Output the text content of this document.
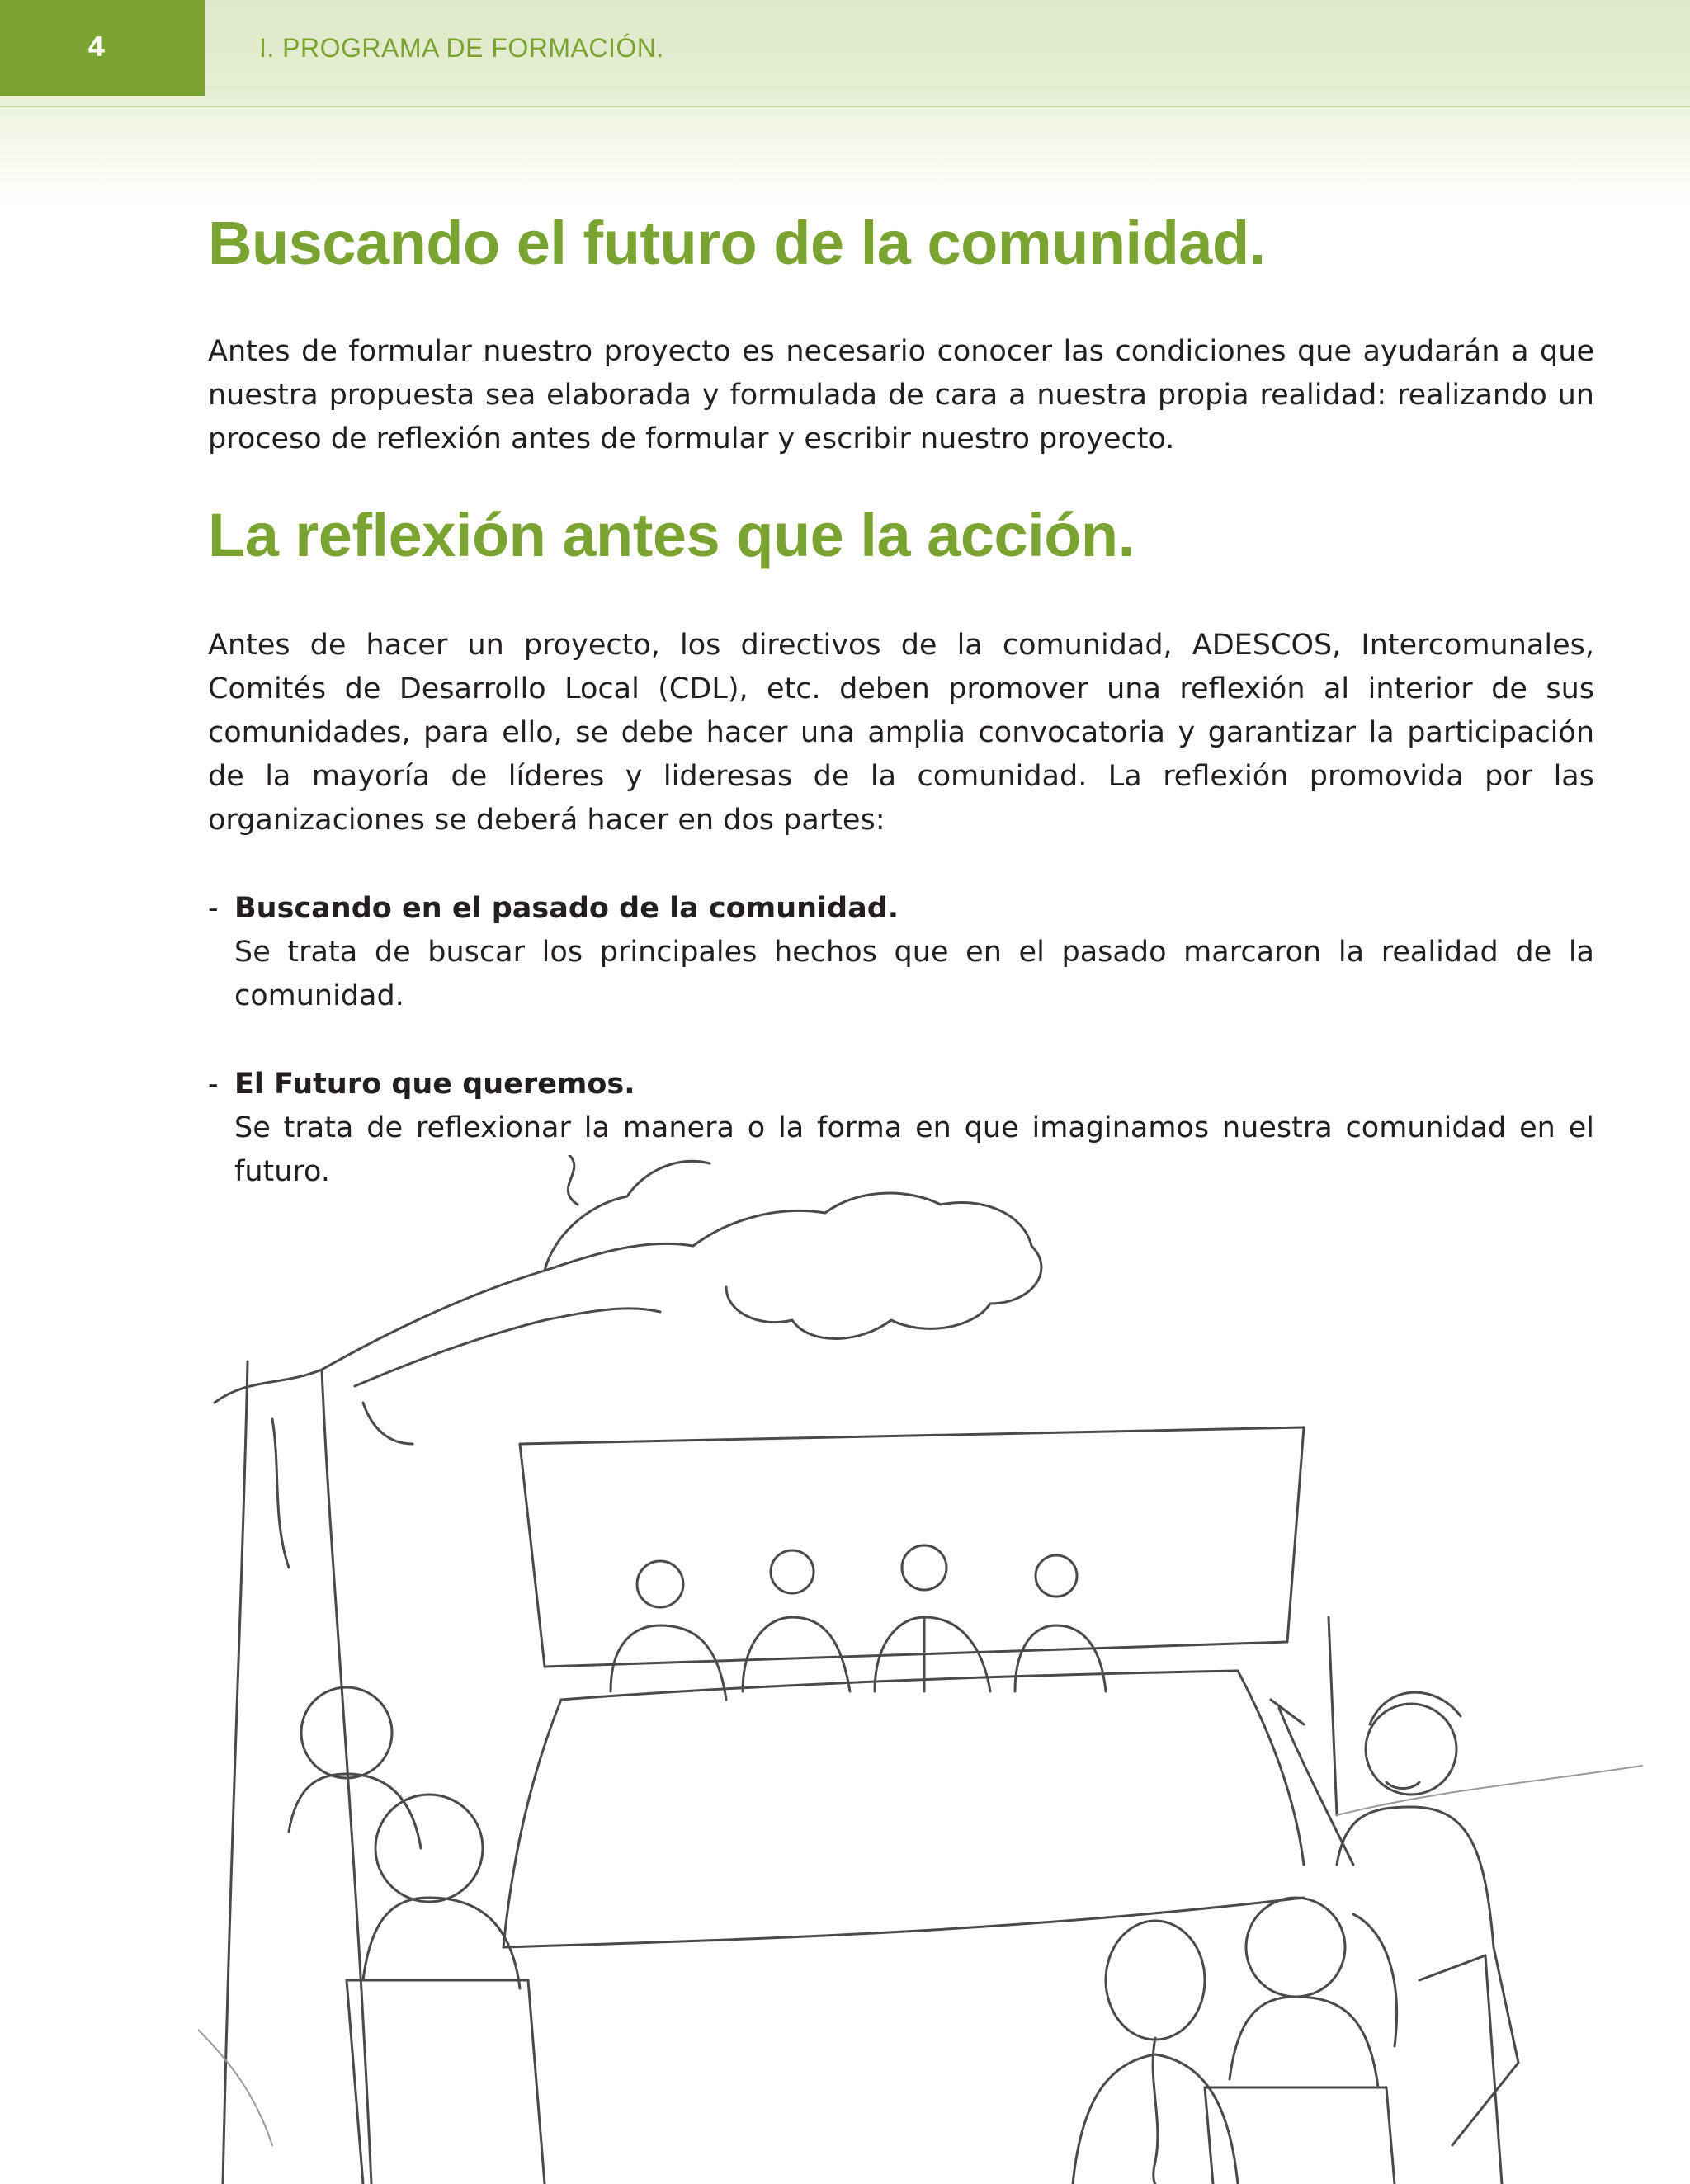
4	I. PROGRAMA DE FORMACIÓN.
Buscando el futuro de la comunidad.

Antes de formular nuestro proyecto es necesario conocer las condiciones que ayudarán a que nuestra propuesta sea elaborada y formulada de cara a nuestra propia realidad: realizando un proceso de reflexión antes de formular y escribir nuestro proyecto.

La reflexión antes que la acción.

Antes de hacer un proyecto, los directivos de la comunidad, ADESCOS, Intercomunales, Comités de Desarrollo Local (CDL), etc. deben promover una reflexión al interior de sus comunidades, para ello, se debe hacer una amplia convocatoria y garantizar la participación de la mayoría de líderes y lideresas de la comunidad. La reflexión promovida por las organizaciones se deberá hacer en dos partes:

- Buscando en el pasado de la comunidad.
Se trata de buscar los principales hechos que en el pasado marcaron la realidad de la comunidad.
- El Futuro que queremos.
Se trata de reflexionar la manera o la forma en que imaginamos nuestra comunidad en el futuro.
